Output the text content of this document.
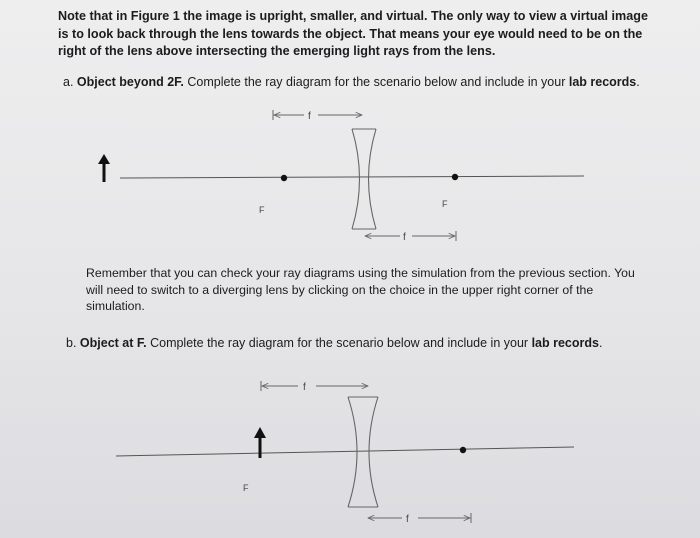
Note that in Figure 1 the image is upright, smaller, and virtual. The only way to view a virtual image is to look back through the lens towards the object. That means your eye would need to be on the right of the lens above intersecting the emerging light rays from the lens.
a. Object beyond 2F. Complete the ray diagram for the scenario below and include in your lab records.
F
F
f
f
F
f
f
Remember that you can check your ray diagrams using the simulation from the previous section. You will need to switch to a diverging lens by clicking on the choice in the upper right corner of the simulation.
b. Object at F. Complete the ray diagram for the scenario below and include in your lab records.
